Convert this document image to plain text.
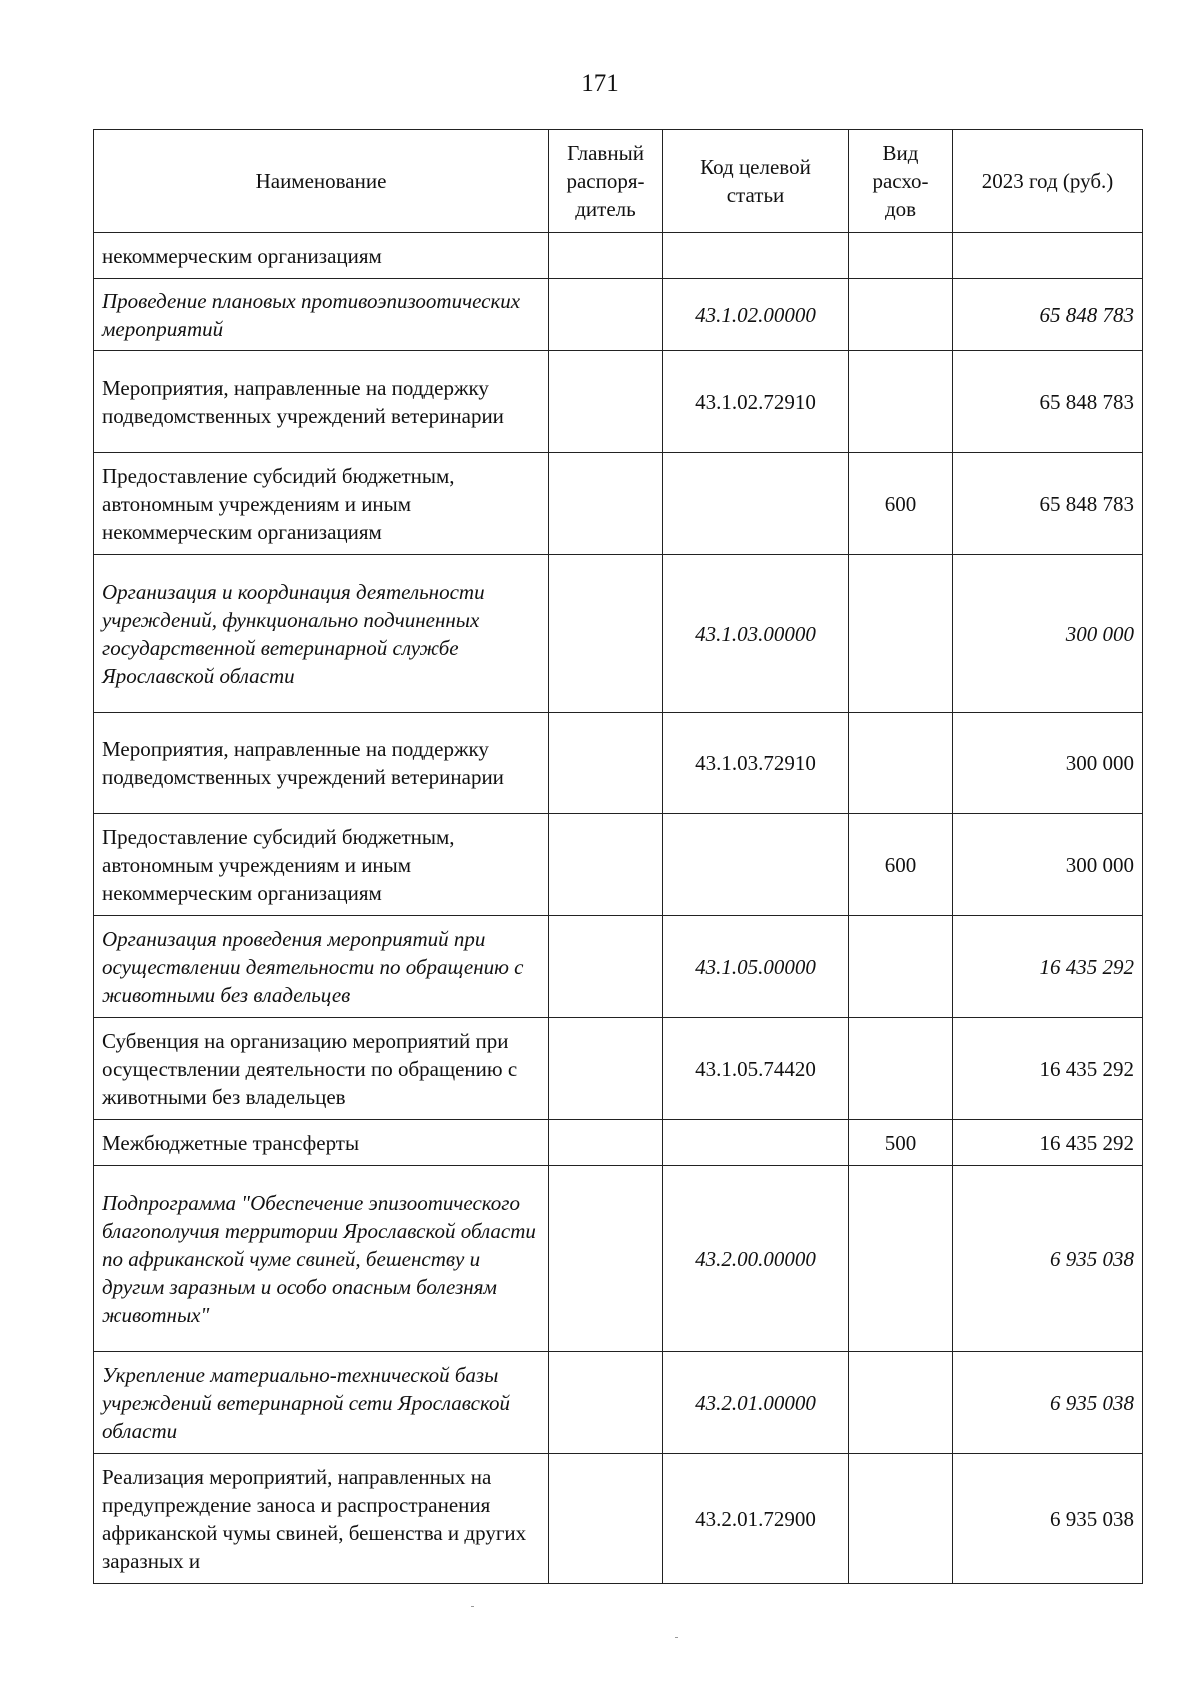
171
Наименование	Главный распоря- дитель	Код целевой статьи	Вид расхо- дов	2023 год (руб.)
некоммерческим организациям				
Проведение плановых противоэпизоотических мероприятий		43.1.02.00000		65 848 783
Мероприятия, направленные на поддержку подведомственных учреждений ветеринарии		43.1.02.72910		65 848 783
Предоставление субсидий бюджетным, автономным учреждениям и иным некоммерческим организациям			600	65 848 783
Организация и координация деятельности учреждений, функционально подчиненных государственной ветеринарной службе Ярославской области		43.1.03.00000		300 000
Мероприятия, направленные на поддержку подведомственных учреждений ветеринарии		43.1.03.72910		300 000
Предоставление субсидий бюджетным, автономным учреждениям и иным некоммерческим организациям			600	300 000
Организация проведения мероприятий при осуществлении деятельности по обращению с животными без владельцев		43.1.05.00000		16 435 292
Субвенция на организацию мероприятий при осуществлении деятельности по обращению с животными без владельцев		43.1.05.74420		16 435 292
Межбюджетные трансферты			500	16 435 292
Подпрограмма "Обеспечение эпизоотического благополучия территории Ярославской области по африканской чуме свиней, бешенству и другим заразным и особо опасным болезням животных"		43.2.00.00000		6 935 038
Укрепление материально-технической базы учреждений ветеринарной сети Ярославской области		43.2.01.00000		6 935 038
Реализация мероприятий, направленных на предупреждение заноса и распространения африканской чумы свиней, бешенства и других заразных и		43.2.01.72900		6 935 038
